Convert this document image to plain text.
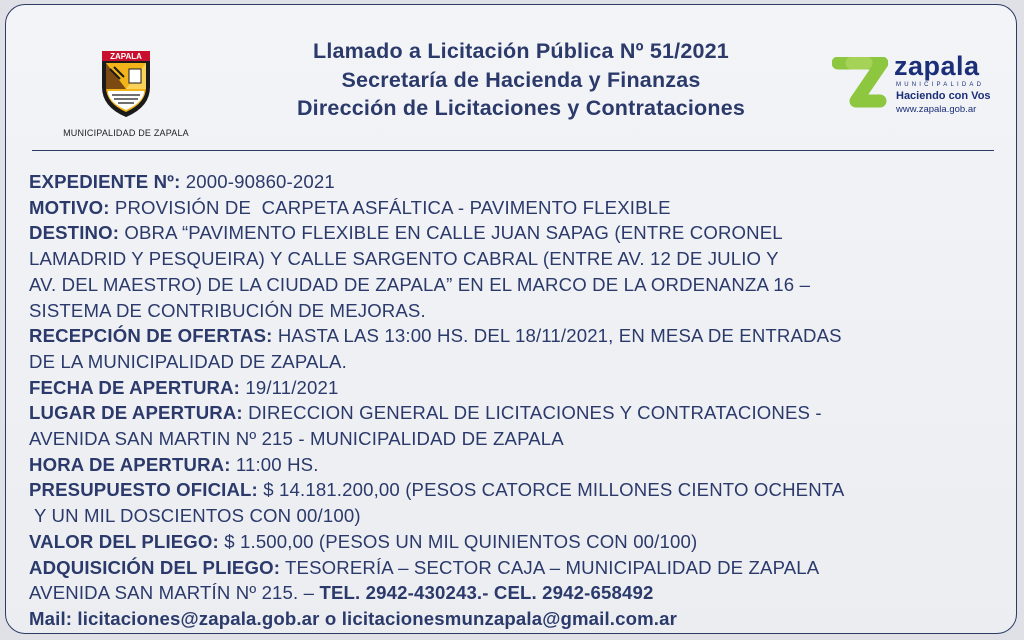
ZAPALA
MUNICIPALIDAD DE ZAPALA
Llamado a Licitación Pública Nº 51/2021
Secretaría de Hacienda y Finanzas
Dirección de Licitaciones y Contrataciones
zapala
MUNICIPALIDAD
Haciendo con Vos
www.zapala.gob.ar
EXPEDIENTE Nº: 2000-90860-2021
MOTIVO: PROVISIÓN DE  CARPETA ASFÁLTICA - PAVIMENTO FLEXIBLE
DESTINO: OBRA “PAVIMENTO FLEXIBLE EN CALLE JUAN SAPAG (ENTRE CORONEL
LAMADRID Y PESQUEIRA) Y CALLE SARGENTO CABRAL (ENTRE AV. 12 DE JULIO Y
AV. DEL MAESTRO) DE LA CIUDAD DE ZAPALA” EN EL MARCO DE LA ORDENANZA 16 –
SISTEMA DE CONTRIBUCIÓN DE MEJORAS.
RECEPCIÓN DE OFERTAS: HASTA LAS 13:00 HS. DEL 18/11/2021, EN MESA DE ENTRADAS
DE LA MUNICIPALIDAD DE ZAPALA.
FECHA DE APERTURA: 19/11/2021
LUGAR DE APERTURA: DIRECCION GENERAL DE LICITACIONES Y CONTRATACIONES -
AVENIDA SAN MARTIN Nº 215 - MUNICIPALIDAD DE ZAPALA
HORA DE APERTURA: 11:00 HS.
PRESUPUESTO OFICIAL: $ 14.181.200,00 (PESOS CATORCE MILLONES CIENTO OCHENTA
Y UN MIL DOSCIENTOS CON 00/100)
VALOR DEL PLIEGO: $ 1.500,00 (PESOS UN MIL QUINIENTOS CON 00/100)
ADQUISICIÓN DEL PLIEGO: TESORERÍA – SECTOR CAJA – MUNICIPALIDAD DE ZAPALA
AVENIDA SAN MARTÍN Nº 215. – TEL. 2942-430243.- CEL. 2942-658492
Mail: licitaciones@zapala.gob.ar o licitacionesmunzapala@gmail.com.ar
